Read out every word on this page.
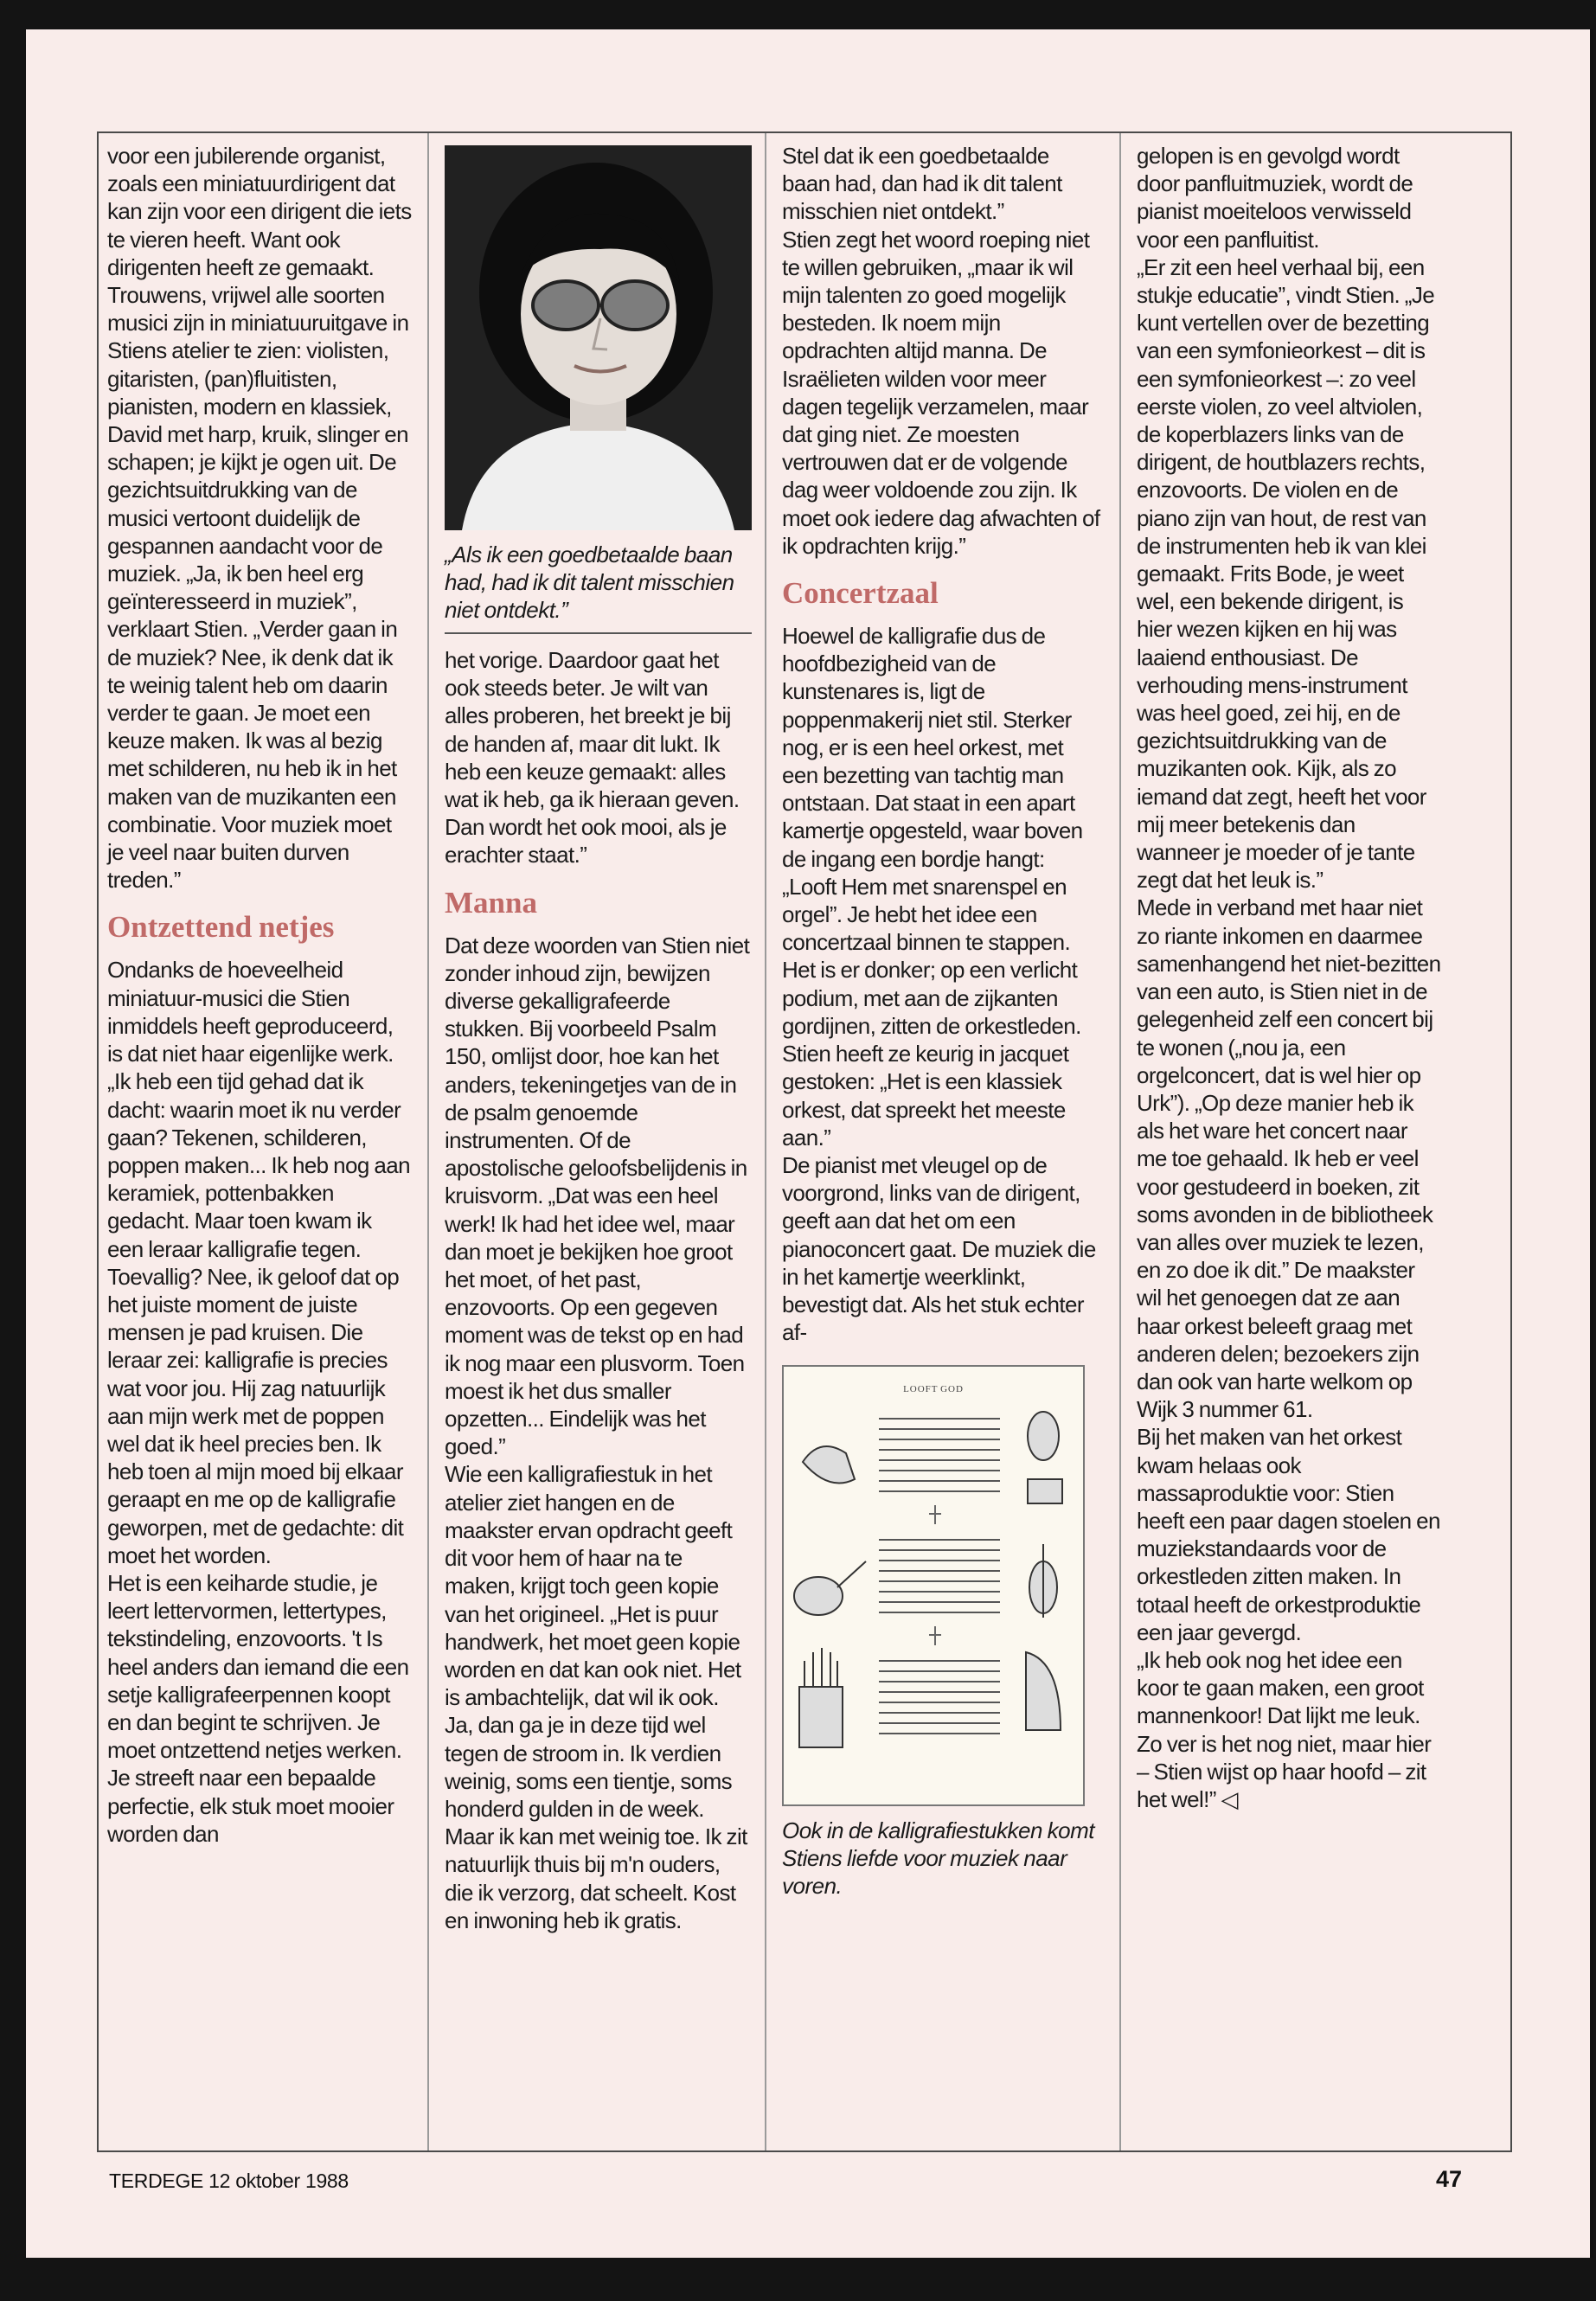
voor een jubilerende organist, zoals een miniatuurdirigent dat kan zijn voor een dirigent die iets te vieren heeft. Want ook dirigenten heeft ze gemaakt. Trouwens, vrijwel alle soorten musici zijn in miniatuuruitgave in Stiens atelier te zien: violisten, gitaristen, (pan)fluitisten, pianisten, modern en klassiek, David met harp, kruik, slinger en schapen; je kijkt je ogen uit. De gezichtsuitdrukking van de musici vertoont duidelijk de gespannen aandacht voor de muziek. „Ja, ik ben heel erg geïnteresseerd in muziek”, verklaart Stien. „Verder gaan in de muziek? Nee, ik denk dat ik te weinig talent heb om daarin verder te gaan. Je moet een keuze maken. Ik was al bezig met schilderen, nu heb ik in het maken van de muzikanten een combinatie. Voor muziek moet je veel naar buiten durven treden.”

Ontzettend netjes

Ondanks de hoeveelheid miniatuur-musici die Stien inmiddels heeft geproduceerd, is dat niet haar eigenlijke werk. „Ik heb een tijd gehad dat ik dacht: waarin moet ik nu verder gaan? Tekenen, schilderen, poppen maken... Ik heb nog aan keramiek, pottenbakken gedacht. Maar toen kwam ik een leraar kalligrafie tegen. Toevallig? Nee, ik geloof dat op het juiste moment de juiste mensen je pad kruisen. Die leraar zei: kalligrafie is precies wat voor jou. Hij zag natuurlijk aan mijn werk met de poppen wel dat ik heel precies ben. Ik heb toen al mijn moed bij elkaar geraapt en me op de kalligrafie geworpen, met de gedachte: dit moet het worden.

Het is een keiharde studie, je leert lettervormen, lettertypes, tekstindeling, enzovoorts. 't Is heel anders dan iemand die een setje kalligrafeerpennen koopt en dan begint te schrijven. Je moet ontzettend netjes werken. Je streeft naar een bepaalde perfectie, elk stuk moet mooier worden dan

„Als ik een goedbetaalde baan had, had ik dit talent misschien niet ontdekt.”

het vorige. Daardoor gaat het ook steeds beter. Je wilt van alles proberen, het breekt je bij de handen af, maar dit lukt. Ik heb een keuze gemaakt: alles wat ik heb, ga ik hieraan geven. Dan wordt het ook mooi, als je erachter staat.”

Manna

Dat deze woorden van Stien niet zonder inhoud zijn, bewijzen diverse gekalligrafeerde stukken. Bij voorbeeld Psalm 150, omlijst door, hoe kan het anders, tekeningetjes van de in de psalm genoemde instrumenten. Of de apostolische geloofsbelijdenis in kruisvorm. „Dat was een heel werk! Ik had het idee wel, maar dan moet je bekijken hoe groot het moet, of het past, enzovoorts. Op een gegeven moment was de tekst op en had ik nog maar een plusvorm. Toen moest ik het dus smaller opzetten... Eindelijk was het goed.”

Wie een kalligrafiestuk in het atelier ziet hangen en de maakster ervan opdracht geeft dit voor hem of haar na te maken, krijgt toch geen kopie van het origineel. „Het is puur handwerk, het moet geen kopie worden en dat kan ook niet. Het is ambachtelijk, dat wil ik ook. Ja, dan ga je in deze tijd wel tegen de stroom in. Ik verdien weinig, soms een tientje, soms honderd gulden in de week. Maar ik kan met weinig toe. Ik zit natuurlijk thuis bij m'n ouders, die ik verzorg, dat scheelt. Kost en inwoning heb ik gratis.

Stel dat ik een goedbetaalde baan had, dan had ik dit talent misschien niet ontdekt.”

Stien zegt het woord roeping niet te willen gebruiken, „maar ik wil mijn talenten zo goed mogelijk besteden. Ik noem mijn opdrachten altijd manna. De Israëlieten wilden voor meer dagen tegelijk verzamelen, maar dat ging niet. Ze moesten vertrouwen dat er de volgende dag weer voldoende zou zijn. Ik moet ook iedere dag afwachten of ik opdrachten krijg.”

Concertzaal

Hoewel de kalligrafie dus de hoofdbezigheid van de kunstenares is, ligt de poppenmakerij niet stil. Sterker nog, er is een heel orkest, met een bezetting van tachtig man ontstaan. Dat staat in een apart kamertje opgesteld, waar boven de ingang een bordje hangt: „Looft Hem met snarenspel en orgel”. Je hebt het idee een concertzaal binnen te stappen. Het is er donker; op een verlicht podium, met aan de zijkanten gordijnen, zitten de orkestleden. Stien heeft ze keurig in jacquet gestoken: „Het is een klassiek orkest, dat spreekt het meeste aan.”

De pianist met vleugel op de voorgrond, links van de dirigent, geeft aan dat het om een pianoconcert gaat. De muziek die in het kamertje weerklinkt, bevestigt dat. Als het stuk echter af-

LOOFT GOD
Ook in de kalligrafiestukken komt Stiens liefde voor muziek naar voren.

gelopen is en gevolgd wordt door panfluitmuziek, wordt de pianist moeiteloos verwisseld voor een panfluitist.

„Er zit een heel verhaal bij, een stukje educatie”, vindt Stien. „Je kunt vertellen over de bezetting van een symfonieorkest – dit is een symfonieorkest –: zo veel eerste violen, zo veel altviolen, de koperblazers links van de dirigent, de houtblazers rechts, enzovoorts. De violen en de piano zijn van hout, de rest van de instrumenten heb ik van klei gemaakt. Frits Bode, je weet wel, een bekende dirigent, is hier wezen kijken en hij was laaiend enthousiast. De verhouding mens-instrument was heel goed, zei hij, en de gezichtsuitdrukking van de muzikanten ook. Kijk, als zo iemand dat zegt, heeft het voor mij meer betekenis dan wanneer je moeder of je tante zegt dat het leuk is.”

Mede in verband met haar niet zo riante inkomen en daarmee samenhangend het niet-bezitten van een auto, is Stien niet in de gelegenheid zelf een concert bij te wonen („nou ja, een orgelconcert, dat is wel hier op Urk”). „Op deze manier heb ik als het ware het concert naar me toe gehaald. Ik heb er veel voor gestudeerd in boeken, zit soms avonden in de bibliotheek van alles over muziek te lezen, en zo doe ik dit.” De maakster wil het genoegen dat ze aan haar orkest beleeft graag met anderen delen; bezoekers zijn dan ook van harte welkom op Wijk 3 nummer 61.

Bij het maken van het orkest kwam helaas ook massaproduktie voor: Stien heeft een paar dagen stoelen en muziekstandaards voor de orkestleden zitten maken. In totaal heeft de orkestproduktie een jaar gevergd.

„Ik heb ook nog het idee een koor te gaan maken, een groot mannenkoor! Dat lijkt me leuk. Zo ver is het nog niet, maar hier – Stien wijst op haar hoofd – zit het wel!” ◁

TERDEGE 12 oktober 1988	47
